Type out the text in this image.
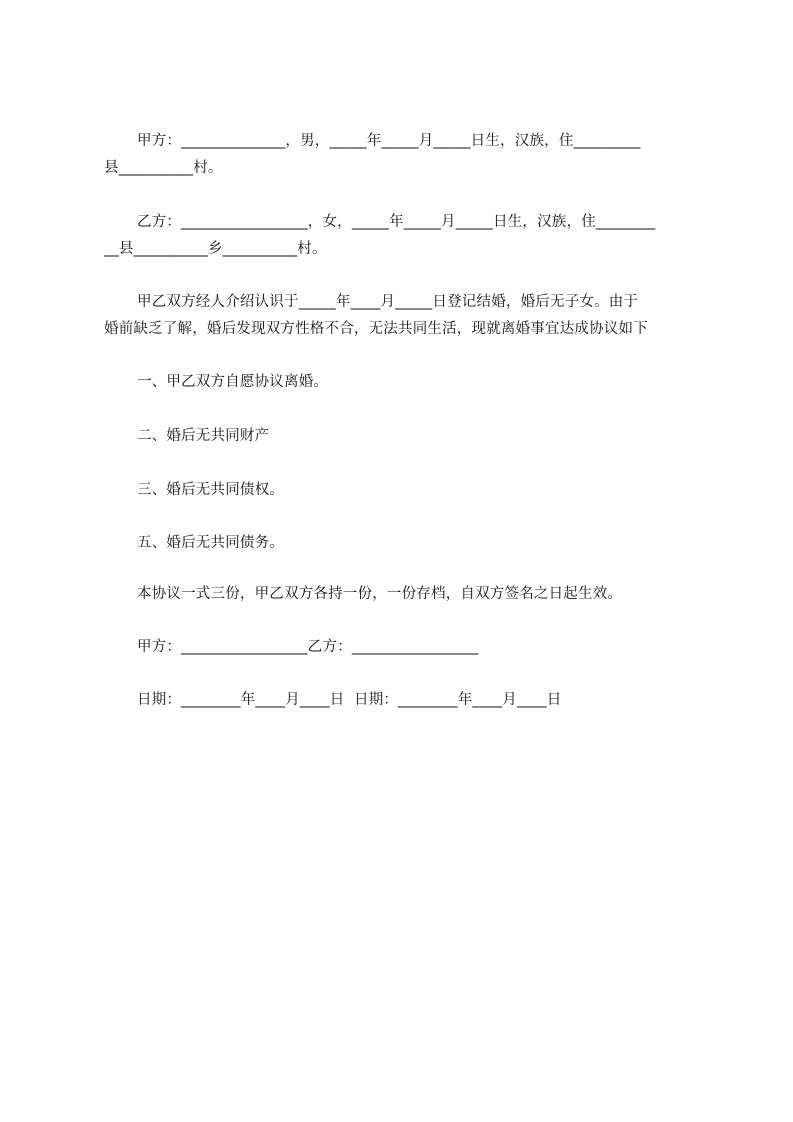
甲方：______________，男，_____年_____月_____日生，汉族，住_________
县__________村。
乙方：_________________，女，_____年_____月_____日生，汉族，住________
__县__________乡__________村。
甲乙双方经人介绍认识于_____年____月_____日登记结婚，婚后无子女。由于
婚前缺乏了解，婚后发现双方性格不合，无法共同生活，现就离婚事宜达成协议如下
一、甲乙双方自愿协议离婚。
二、婚后无共同财产
三、婚后无共同债权。
五、婚后无共同债务。
本协议一式三份，甲乙双方各持一份，一份存档，自双方签名之日起生效。
甲方：_________________乙方：_________________
日期：________年____月____日  日期：________年____月____日
